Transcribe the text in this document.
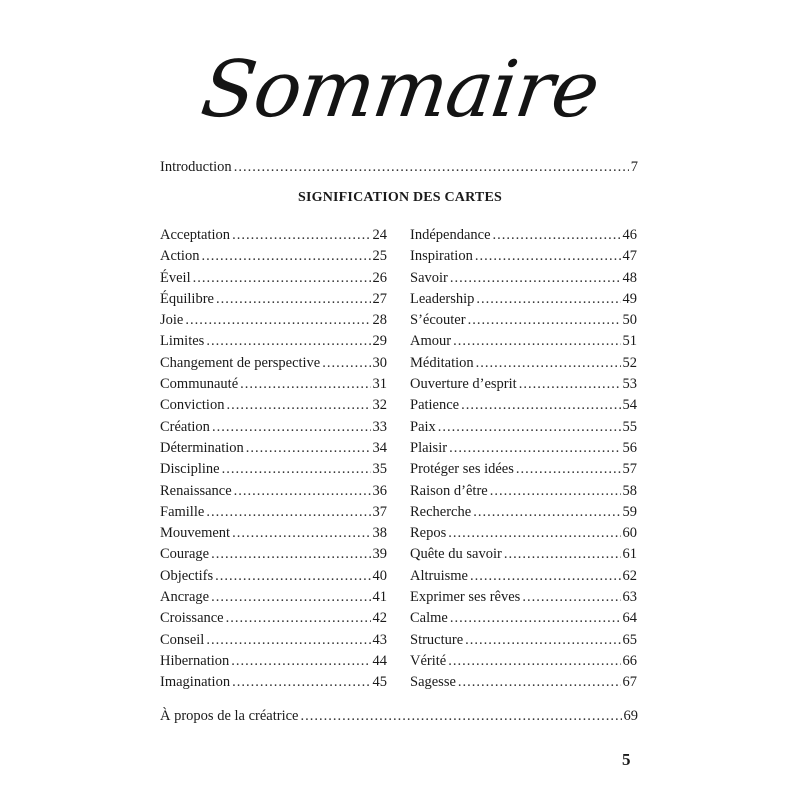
Sommaire
Introduction .....	7
SIGNIFICATION DES CARTES
Acceptation .....	24
Action .....	25
Éveil .....	26
Équilibre .....	27
Joie .....	28
Limites .....	29
Changement de perspective .....	30
Communauté .....	31
Conviction .....	32
Création .....	33
Détermination .....	34
Discipline .....	35
Renaissance .....	36
Famille .....	37
Mouvement .....	38
Courage .....	39
Objectifs .....	40
Ancrage .....	41
Croissance .....	42
Conseil .....	43
Hibernation .....	44
Imagination .....	45
Indépendance .....	46
Inspiration .....	47
Savoir .....	48
Leadership .....	49
S’écouter .....	50
Amour .....	51
Méditation .....	52
Ouverture d’esprit .....	53
Patience .....	54
Paix .....	55
Plaisir .....	56
Protéger ses idées .....	57
Raison d’être .....	58
Recherche .....	59
Repos .....	60
Quête du savoir .....	61
Altruisme .....	62
Exprimer ses rêves .....	63
Calme .....	64
Structure .....	65
Vérité .....	66
Sagesse .....	67
À propos de la créatrice .....	69
5
